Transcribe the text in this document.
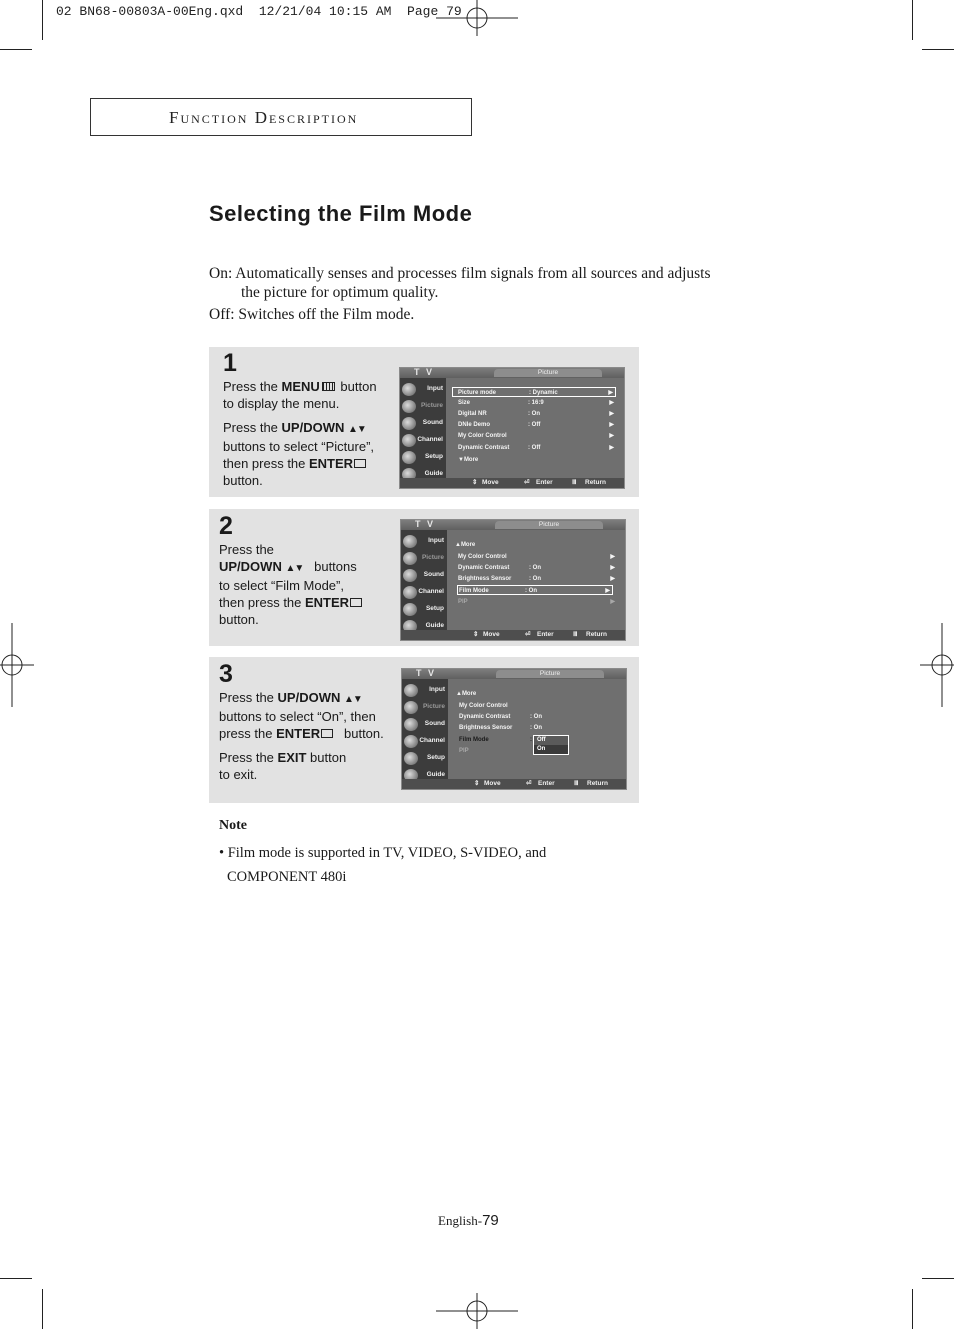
02 BN68-00803A-00Eng.qxd  12/21/04 10:15 AM  Page 79
Function Description
Selecting the Film Mode
On: Automatically senses and processes film signals from all sources and adjusts
the picture for optimum quality.
Off: Switches off the Film mode.
1

Press the MENU button

to display the menu.

Press the UP/DOWN ▲▼

buttons to select “Picture”,

then press the ENTER

button.

T V	Picture
Input
Picture
Sound
Channel
Setup
Guide
Picture mode	: Dynamic	▶
Size	: 16:9	▶
Digital NR	: On	▶
DNIe Demo	: Off	▶
My Color Control	▶
Dynamic Contrast	: Off	▶
▼More
⇕ Move	⏎ Enter	Ⅲ Return
2

Press the

UP/DOWN ▲▼ buttons

to select “Film Mode”,

then press the ENTER

button.

T V	Picture
Input
Picture
Sound
Channel
Setup
Guide
▲More
My Color Control	▶
Dynamic Contrast	: On	▶
Brightness Sensor	: On	▶
Film Mode	: On	▶
PIP	▶
⇕ Move	⏎ Enter	Ⅲ Return
3

Press the UP/DOWN ▲▼

buttons to select “On”, then

press the ENTER button.

Press the EXIT button

to exit.

T V	Picture
Input
Picture
Sound
Channel
Setup
Guide
▲More
My Color Control
Dynamic Contrast	: On
Brightness Sensor	: On
Film Mode	:
PIP
Off
On
⇕ Move	⏎ Enter	Ⅲ Return
Note
• Film mode is supported in TV, VIDEO, S-VIDEO, and
COMPONENT 480i
English-79
